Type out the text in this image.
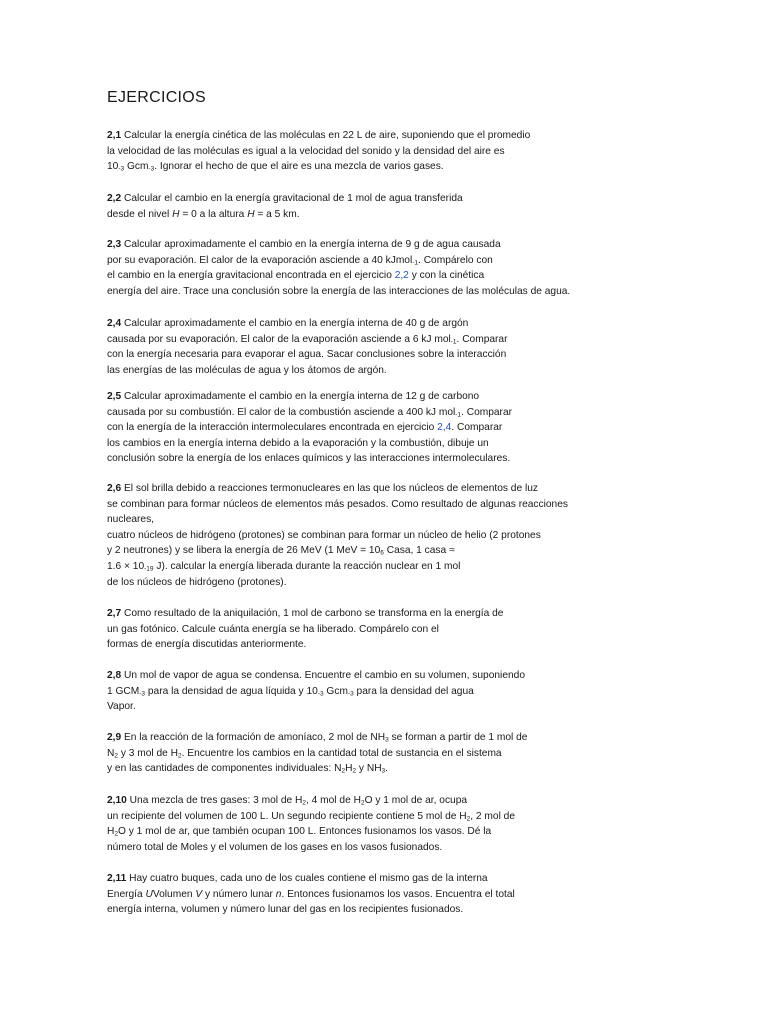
EJERCICIOS
2,1 Calcular la energía cinética de las moléculas en 22 L de aire, suponiendo que el promedio
la velocidad de las moléculas es igual a la velocidad del sonido y la densidad del aire es
$10_{-3}$ Gcm$_{-3}$. Ignorar el hecho de que el aire es una mezcla de varios gases.
2,2 Calcular el cambio en la energía gravitacional de 1 mol de agua transferida
desde el nivel H = 0 a la altura H = a 5 km.
2,3 Calcular aproximadamente el cambio en la energía interna de 9 g de agua causada
por su evaporación. El calor de la evaporación asciende a 40 kJmol$_{-1}$. Compárelo con
el cambio en la energía gravitacional encontrada en el ejercicio 2,2 y con la cinética
energía del aire. Trace una conclusión sobre la energía de las interacciones de las moléculas de agua.
2,4 Calcular aproximadamente el cambio en la energía interna de 40 g de argón
causada por su evaporación. El calor de la evaporación asciende a 6 kJ mol$_{-1}$. Comparar
con la energía necesaria para evaporar el agua. Sacar conclusiones sobre la interacción
las energías de las moléculas de agua y los átomos de argón.
2,5 Calcular aproximadamente el cambio en la energía interna de 12 g de carbono
causada por su combustión. El calor de la combustión asciende a 400 kJ mol$_{-1}$. Comparar
con la energía de la interacción intermoleculares encontrada en ejercicio 2,4. Comparar
los cambios en la energía interna debido a la evaporación y la combustión, dibuje un
conclusión sobre la energía de los enlaces químicos y las interacciones intermoleculares.
2,6 El sol brilla debido a reacciones termonucleares en las que los núcleos de elementos de luz
se combinan para formar núcleos de elementos más pesados. Como resultado de algunas reacciones
nucleares,
cuatro núcleos de hidrógeno (protones) se combinan para formar un núcleo de helio (2 protones
y 2 neutrones) y se libera la energía de 26 MeV (1 MeV = $10_6$ Casa, 1 casa ≈
$1.6 \times 10_{-19}$ J). calcular la energía liberada durante la reacción nuclear en 1 mol
de los núcleos de hidrógeno (protones).
2,7 Como resultado de la aniquilación, 1 mol de carbono se transforma en la energía de
un gas fotónico. Calcule cuánta energía se ha liberado. Compárelo con el
formas de energía discutidas anteriormente.
2,8 Un mol de vapor de agua se condensa. Encuentre el cambio en su volumen, suponiendo
1 $GCM_{-3}$ para la densidad de agua líquida y $10_{-3}$ Gcm$_{-3}$ para la densidad del agua
Vapor.
2,9 En la reacción de la formación de amoníaco, 2 mol de $NH_3$ se forman a partir de 1 mol de
$N_2$ y 3 mol de $H_2$. Encuentre los cambios en la cantidad total de sustancia en el sistema
y en las cantidades de componentes individuales: $N_2H_2$ y $NH_3$.
2,10 Una mezcla de tres gases: 3 mol de $H_2$, 4 mol de $H_2O$ y 1 mol de ar, ocupa
un recipiente del volumen de 100 L. Un segundo recipiente contiene 5 mol de $H_2$, 2 mol de
$H_2O$ y 1 mol de ar, que también ocupan 100 L. Entonces fusionamos los vasos. Dé la
número total de Moles y el volumen de los gases en los vasos fusionados.
2,11 Hay cuatro buques, cada uno de los cuales contiene el mismo gas de la interna
Energía UVolumen V y número lunar n. Entonces fusionamos los vasos. Encuentra el total
energía interna, volumen y número lunar del gas en los recipientes fusionados.
